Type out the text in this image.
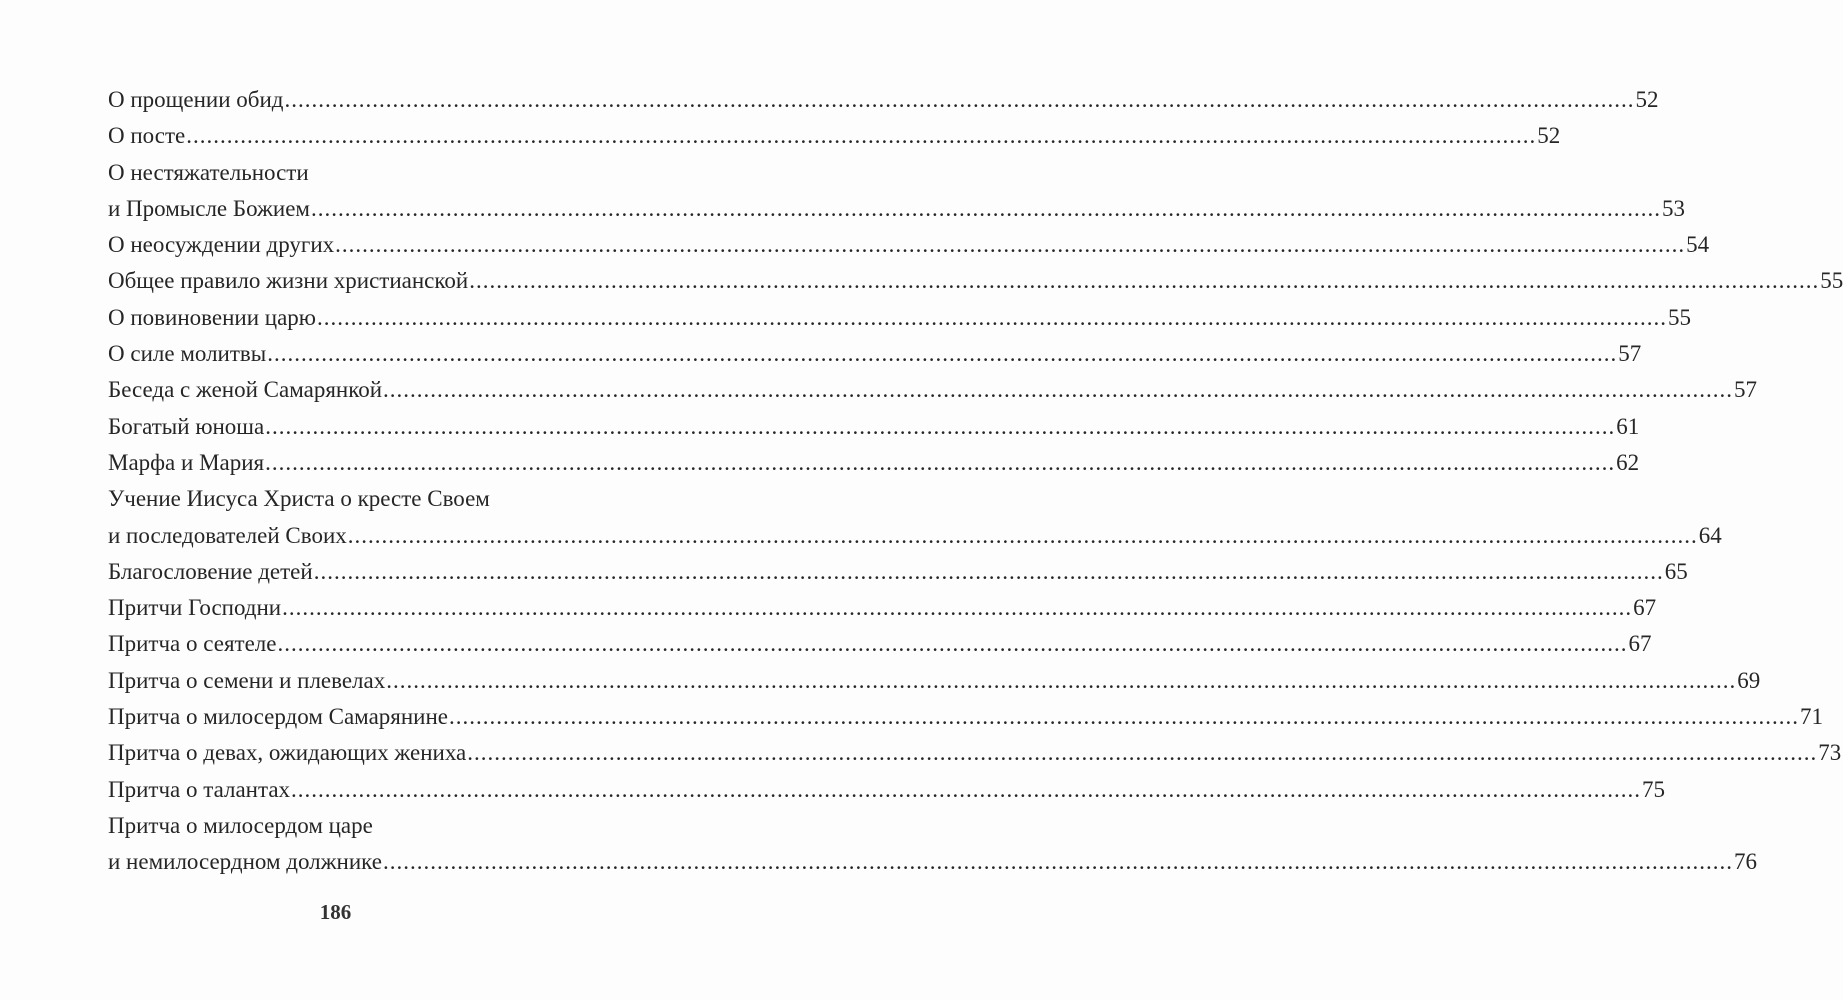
О прощении обид ........................................................................................................................................................................................................ 52
О посте ........................................................................................................................................................................................................ 52
О нестяжательности
и Промысле Божием ........................................................................................................................................................................................................ 53
О неосуждении других ........................................................................................................................................................................................................ 54
Общее правило жизни христианской ........................................................................................................................................................................................................ 55
О повиновении царю ........................................................................................................................................................................................................ 55
О силе молитвы ........................................................................................................................................................................................................ 57
Беседа с женой Самарянкой ........................................................................................................................................................................................................ 57
Богатый юноша ........................................................................................................................................................................................................ 61
Марфа и Мария ........................................................................................................................................................................................................ 62
Учение Иисуса Христа о кресте Своем
и последователей Своих ........................................................................................................................................................................................................ 64
Благословение детей ........................................................................................................................................................................................................ 65
Притчи Господни ........................................................................................................................................................................................................ 67
Притча о сеятеле ........................................................................................................................................................................................................ 67
Притча о семени и плевелах ........................................................................................................................................................................................................ 69
Притча о милосердом Самарянине ........................................................................................................................................................................................................ 71
Притча о девах, ожидающих жениха ........................................................................................................................................................................................................ 73
Притча о талантах ........................................................................................................................................................................................................ 75
Притча о милосердом царе
и немилосердном должнике ........................................................................................................................................................................................................ 76
186
